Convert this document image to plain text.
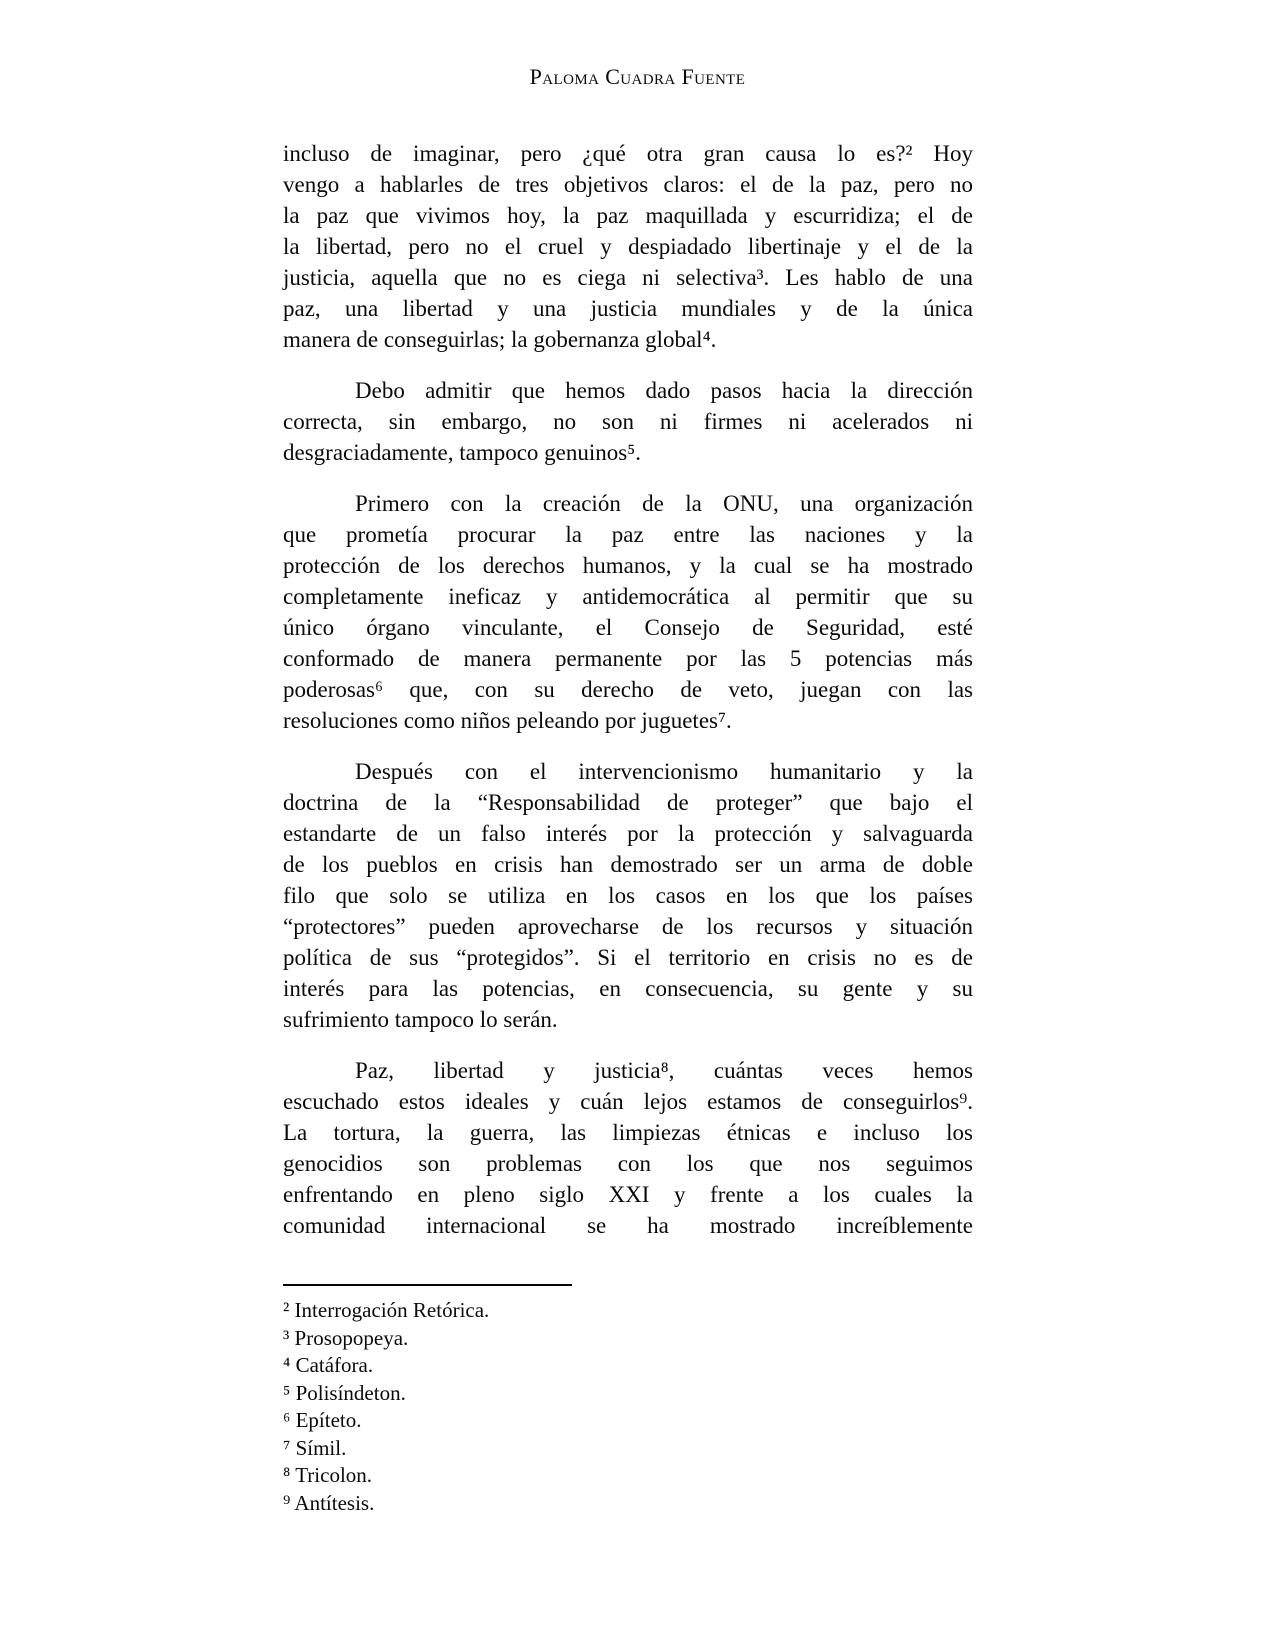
Paloma Cuadra Fuente
incluso de imaginar, pero ¿qué otra gran causa lo es?² Hoy
vengo a hablarles de tres objetivos claros: el de la paz, pero no
la paz que vivimos hoy, la paz maquillada y escurridiza; el de
la libertad, pero no el cruel y despiadado libertinaje y el de la
justicia, aquella que no es ciega ni selectiva³. Les hablo de una
paz, una libertad y una justicia mundiales y de la única
manera de conseguirlas; la gobernanza global⁴.
Debo admitir que hemos dado pasos hacia la dirección
correcta, sin embargo, no son ni firmes ni acelerados ni
desgraciadamente, tampoco genuinos⁵.
Primero con la creación de la ONU, una organización
que prometía procurar la paz entre las naciones y la
protección de los derechos humanos, y la cual se ha mostrado
completamente ineficaz y antidemocrática al permitir que su
único órgano vinculante, el Consejo de Seguridad, esté
conformado de manera permanente por las 5 potencias más
poderosas⁶ que, con su derecho de veto, juegan con las
resoluciones como niños peleando por juguetes⁷.
Después con el intervencionismo humanitario y la
doctrina de la “Responsabilidad de proteger” que bajo el
estandarte de un falso interés por la protección y salvaguarda
de los pueblos en crisis han demostrado ser un arma de doble
filo que solo se utiliza en los casos en los que los países
“protectores” pueden aprovecharse de los recursos y situación
política de sus “protegidos”. Si el territorio en crisis no es de
interés para las potencias, en consecuencia, su gente y su
sufrimiento tampoco lo serán.
Paz, libertad y justicia⁸, cuántas veces hemos
escuchado estos ideales y cuán lejos estamos de conseguirlos⁹.
La tortura, la guerra, las limpiezas étnicas e incluso los
genocidios son problemas con los que nos seguimos
enfrentando en pleno siglo XXI y frente a los cuales la
comunidad internacional se ha mostrado increíblemente
² Interrogación Retórica.
³ Prosopopeya.
⁴ Catáfora.
⁵ Polisíndeton.
⁶ Epíteto.
⁷ Símil.
⁸ Tricolon.
⁹ Antítesis.
